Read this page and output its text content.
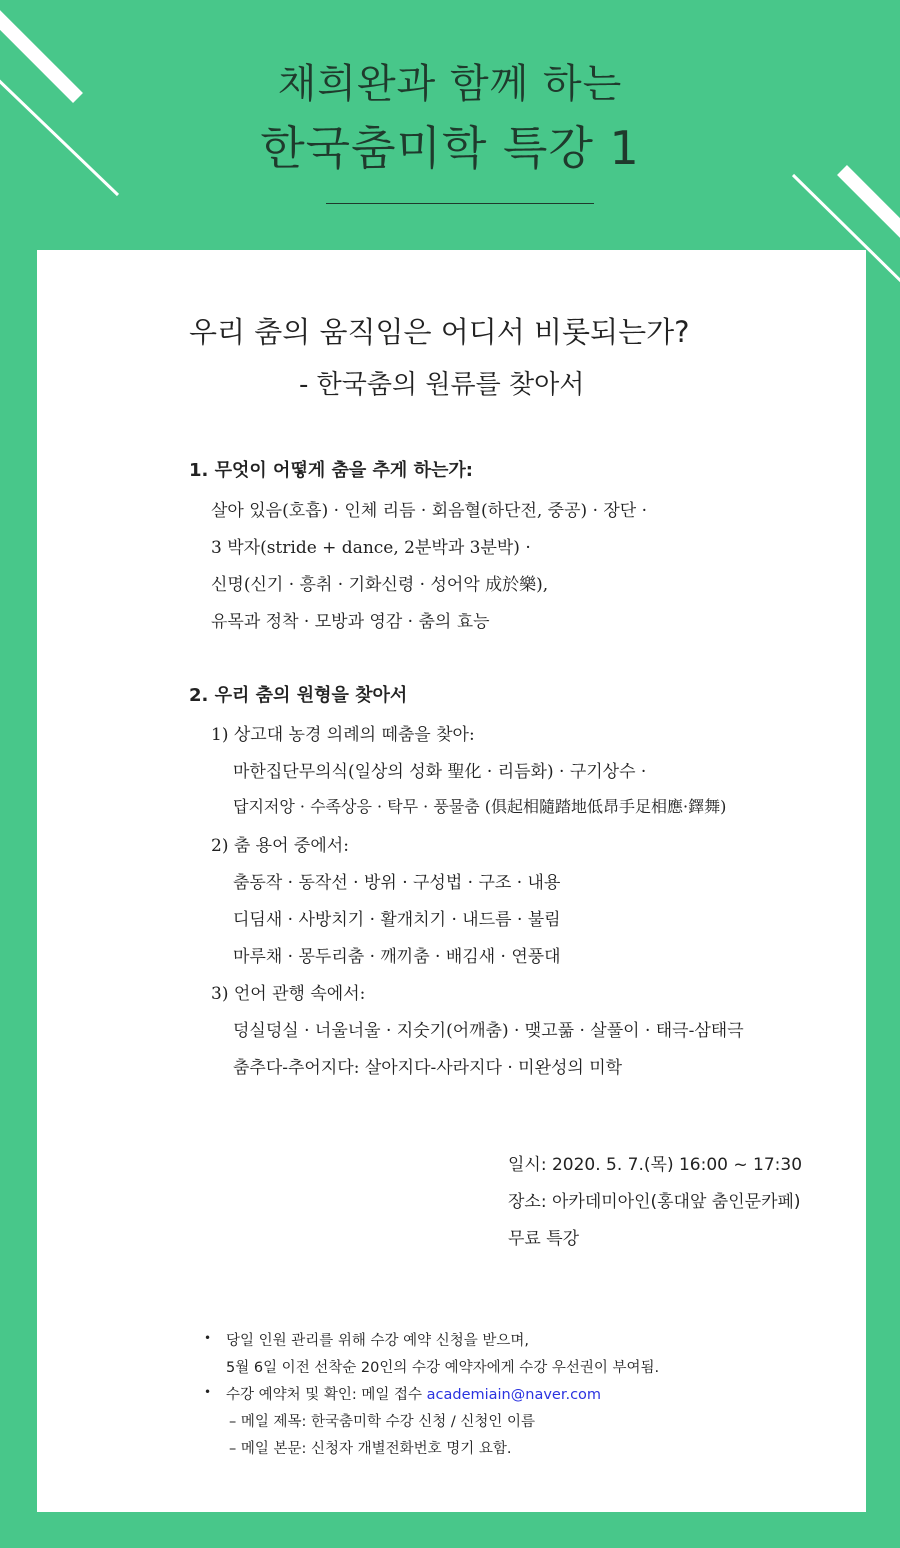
채희완과 함께 하는
한국춤미학 특강 1
우리 춤의 움직임은 어디서 비롯되는가?
- 한국춤의 원류를 찾아서
1. 무엇이 어떻게 춤을 추게 하는가:
살아 있음(호흡) · 인체 리듬 · 회음혈(하단전, 중공) · 장단 ·
3 박자(stride + dance, 2분박과 3분박) ·
신명(신기 · 흥취 · 기화신령 · 성어악 成於樂),
유목과 정착 · 모방과 영감 · 춤의 효능
2. 우리 춤의 원형을 찾아서
1) 상고대 농경 의례의 떼춤을 찾아:
마한집단무의식(일상의 성화 聖化 · 리듬화) · 구기상수 ·
답지저앙 · 수족상응 · 탁무 · 풍물춤 (俱起相隨踏地低昂手足相應·鐸舞)
2) 춤 용어 중에서:
춤동작 · 동작선 · 방위 · 구성법 · 구조 · 내용
디딤새 · 사방치기 · 활개치기 · 내드름 · 불림
마루채 · 몽두리춤 · 깨끼춤 · 배김새 · 연풍대
3) 언어 관행 속에서:
덩실덩실 · 너울너울 · 지숫기(어깨춤) · 맺고풂 · 살풀이 · 태극-삼태극
춤추다-추어지다: 살아지다-사라지다 · 미완성의 미학
일시: 2020. 5. 7.(목) 16:00 ~ 17:30
장소: 아카데미아인(홍대앞 춤인문카페)
무료 특강
• 당일 인원 관리를 위해 수강 예약 신청을 받으며,
5월 6일 이전 선착순 20인의 수강 예약자에게 수강 우선권이 부여됨.
• 수강 예약처 및 확인: 메일 접수 academiain@naver.com
– 메일 제목: 한국춤미학 수강 신청 / 신청인 이름
– 메일 본문: 신청자 개별전화번호 명기 요함.
